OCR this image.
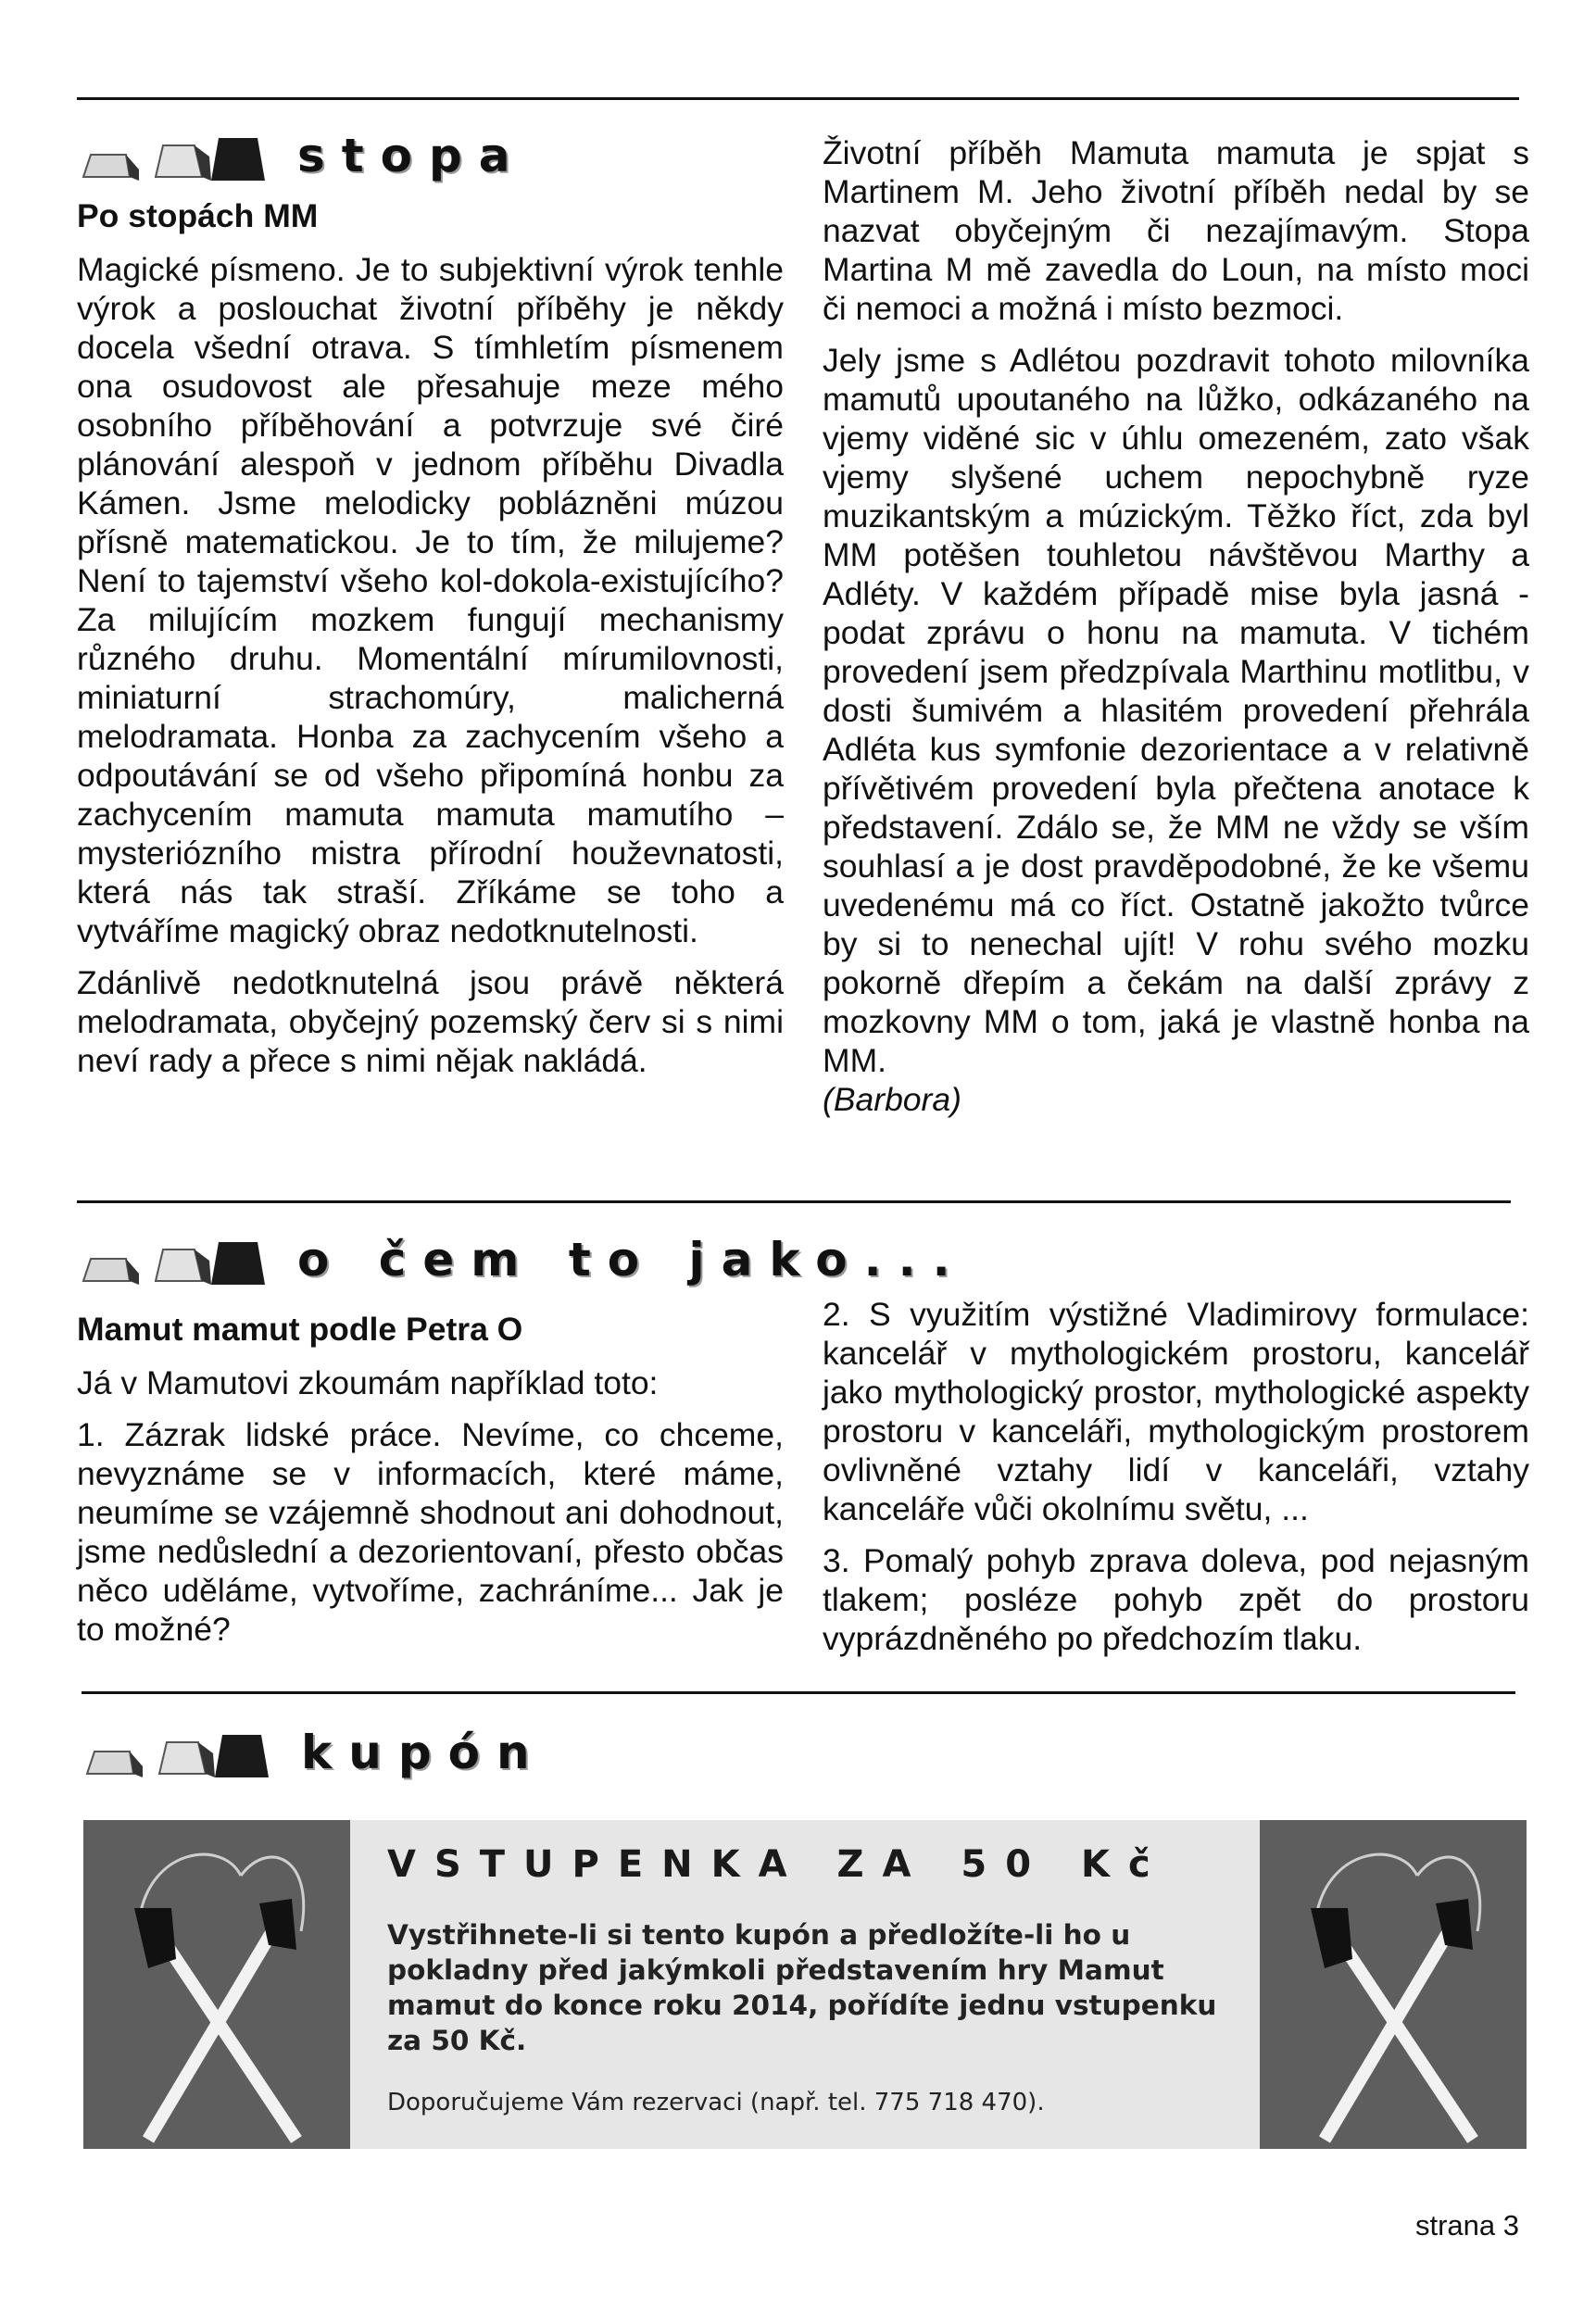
stopa

Po stopách MM

Magické písmeno. Je to subjektivní výrok tenhle výrok a poslouchat životní příběhy je někdy docela všední otrava. S tímhletím písmenem ona osudovost ale přesahuje meze mého osobního příběhování a potvrzuje své čiré plánování alespoň v jednom příběhu Divadla Kámen. Jsme melodicky poblázněni múzou přísně matematickou. Je to tím, že milujeme? Není to tajemství všeho kol-dokola-existujícího? Za milujícím mozkem fungují mechanismy různého druhu. Momentální mírumilovnosti, miniaturní strachomúry, malicherná melodramata. Honba za zachycením všeho a odpoutávání se od všeho připomíná honbu za zachycením mamuta mamuta mamutího – mysteriózního mistra přírodní houževnatosti, která nás tak straší. Zříkáme se toho a vytváříme magický obraz nedotknutelnosti.

Zdánlivě nedotknutelná jsou právě některá melodramata, obyčejný pozemský červ si s nimi neví rady a přece s nimi nějak nakládá.

Životní příběh Mamuta mamuta je spjat s Martinem M. Jeho životní příběh nedal by se nazvat obyčejným či nezajímavým. Stopa Martina M mě zavedla do Loun, na místo moci či nemoci a možná i místo bezmoci.

Jely jsme s Adlétou pozdravit tohoto milovníka mamutů upoutaného na lůžko, odkázaného na vjemy viděné sic v úhlu omezeném, zato však vjemy slyšené uchem nepochybně ryze muzikantským a múzickým. Těžko říct, zda byl MM potěšen touhletou návštěvou Marthy a Adléty. V každém případě mise byla jasná - podat zprávu o honu na mamuta. V tichém provedení jsem předzpívala Marthinu motlitbu, v dosti šumivém a hlasitém provedení přehrála Adléta kus symfonie dezorientace a v relativně přívětivém provedení byla přečtena anotace k představení. Zdálo se, že MM ne vždy se vším souhlasí a je dost pravděpodobné, že ke všemu uvedenému má co říct. Ostatně jakožto tvůrce by si to nenechal ujít! V rohu svého mozku pokorně dřepím a čekám na další zprávy z mozkovny MM o tom, jaká je vlastně honba na MM.

(Barbora)

o čem to jako...

Mamut mamut podle Petra O

Já v Mamutovi zkoumám například toto:

1. Zázrak lidské práce. Nevíme, co chceme, nevyznáme se v informacích, které máme, neumíme se vzájemně shodnout ani dohodnout, jsme nedůslední a dezorientovaní, přesto občas něco uděláme, vytvoříme, zachráníme... Jak je to možné?

2. S využitím výstižné Vladimirovy formulace: kancelář v mythologickém prostoru, kancelář jako mythologický prostor, mythologické aspekty prostoru v kanceláři, mythologickým prostorem ovlivněné vztahy lidí v kanceláři, vztahy kanceláře vůči okolnímu světu, ...

3. Pomalý pohyb zprava doleva, pod nejasným tlakem; posléze pohyb zpět do prostoru vyprázdněného po předchozím tlaku.

kupón
VSTUPENKA ZA 50 Kč
Vystřihnete-li si tento kupón a předložíte-li ho u pokladny před jakýmkoli představením hry Mamut mamut do konce roku 2014, pořídíte jednu vstupenku za 50 Kč.
Doporučujeme Vám rezervaci (např. tel. 775 718 470).
strana 3
